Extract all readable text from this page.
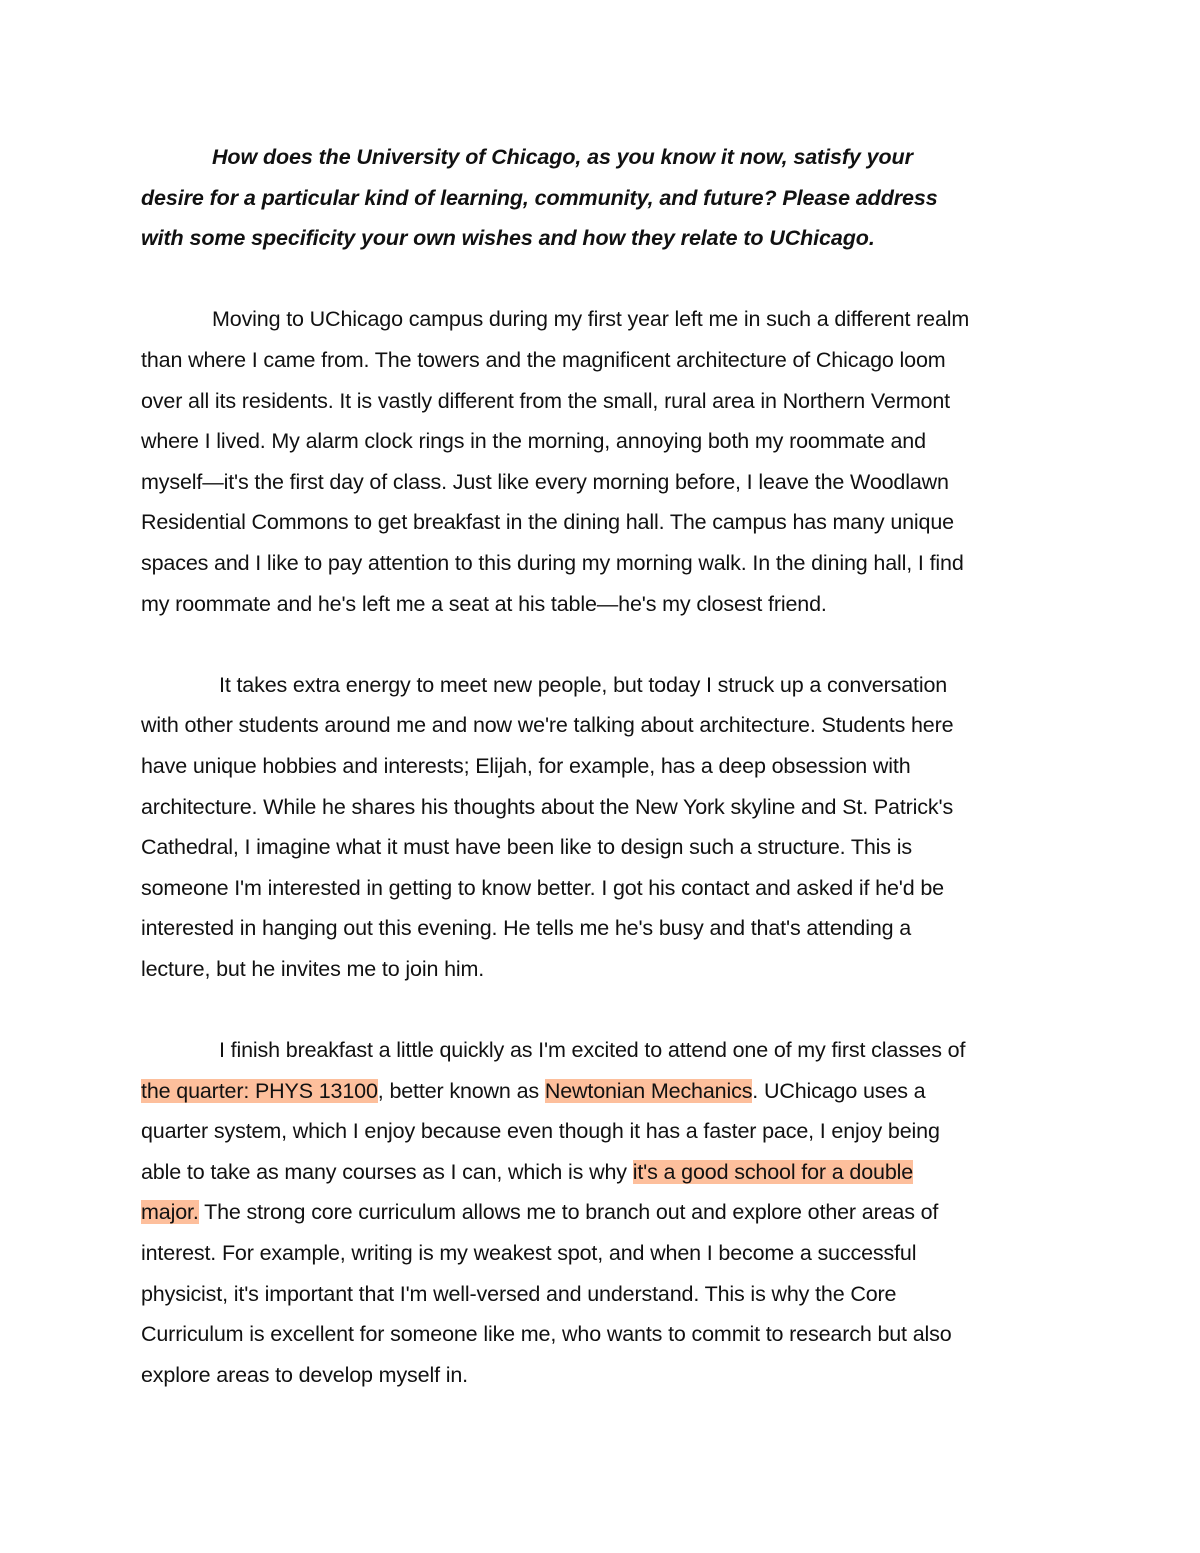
How does the University of Chicago, as you know it now, satisfy your
desire for a particular kind of learning, community, and future? Please address
with some specificity your own wishes and how they relate to UChicago.

Moving to UChicago campus during my first year left me in such a different realm
than where I came from. The towers and the magnificent architecture of Chicago loom
over all its residents. It is vastly different from the small, rural area in Northern Vermont
where I lived. My alarm clock rings in the morning, annoying both my roommate and
myself—it's the first day of class. Just like every morning before, I leave the Woodlawn
Residential Commons to get breakfast in the dining hall. The campus has many unique
spaces and I like to pay attention to this during my morning walk. In the dining hall, I find
my roommate and he's left me a seat at his table—he's my closest friend.

It takes extra energy to meet new people, but today I struck up a conversation
with other students around me and now we're talking about architecture. Students here
have unique hobbies and interests; Elijah, for example, has a deep obsession with
architecture. While he shares his thoughts about the New York skyline and St. Patrick's
Cathedral, I imagine what it must have been like to design such a structure. This is
someone I'm interested in getting to know better. I got his contact and asked if he'd be
interested in hanging out this evening. He tells me he's busy and that's attending a
lecture, but he invites me to join him.

I finish breakfast a little quickly as I'm excited to attend one of my first classes of
the quarter: PHYS 13100, better known as Newtonian Mechanics. UChicago uses a
quarter system, which I enjoy because even though it has a faster pace, I enjoy being
able to take as many courses as I can, which is why it's a good school for a double
major. The strong core curriculum allows me to branch out and explore other areas of
interest. For example, writing is my weakest spot, and when I become a successful
physicist, it's important that I'm well-versed and understand. This is why the Core
Curriculum is excellent for someone like me, who wants to commit to research but also
explore areas to develop myself in.
